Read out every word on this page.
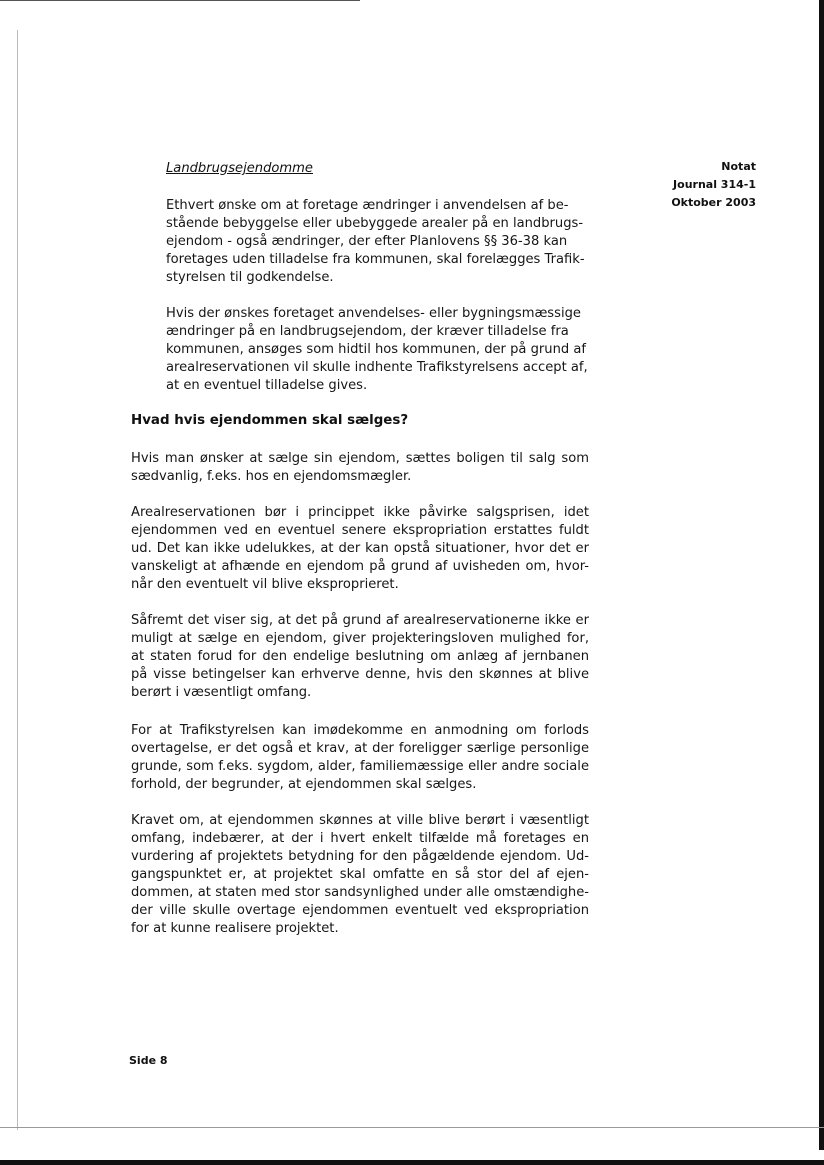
Notat
Journal 314-1
Oktober 2003

Landbrugsejendomme

Ethvert ønske om at foretage ændringer i anvendelsen af be-
stående bebyggelse eller ubebyggede arealer på en landbrugs-
ejendom - også ændringer, der efter Planlovens §§ 36-38 kan
foretages uden tilladelse fra kommunen, skal forelægges Trafik-
styrelsen til godkendelse.
Hvis der ønskes foretaget anvendelses- eller bygningsmæssige
ændringer på en landbrugsejendom, der kræver tilladelse fra
kommunen, ansøges som hidtil hos kommunen, der på grund af
arealreservationen vil skulle indhente Trafikstyrelsens accept af,
at en eventuel tilladelse gives.

Hvad hvis ejendommen skal sælges?

Hvis man ønsker at sælge sin ejendom, sættes boligen til salg som
sædvanlig, f.eks. hos en ejendomsmægler.
Arealreservationen bør i princippet ikke påvirke salgsprisen, idet
ejendommen ved en eventuel senere ekspropriation erstattes fuldt
ud. Det kan ikke udelukkes, at der kan opstå situationer, hvor det er
vanskeligt at afhænde en ejendom på grund af uvisheden om, hvor-
når den eventuelt vil blive eksproprieret.
Såfremt det viser sig, at det på grund af arealreservationerne ikke er
muligt at sælge en ejendom, giver projekteringsloven mulighed for,
at staten forud for den endelige beslutning om anlæg af jernbanen
på visse betingelser kan erhverve denne, hvis den skønnes at blive
berørt i væsentligt omfang.
For at Trafikstyrelsen kan imødekomme en anmodning om forlods
overtagelse, er det også et krav, at der foreligger særlige personlige
grunde, som f.eks. sygdom, alder, familiemæssige eller andre sociale
forhold, der begrunder, at ejendommen skal sælges.
Kravet om, at ejendommen skønnes at ville blive berørt i væsentligt
omfang, indebærer, at der i hvert enkelt tilfælde må foretages en
vurdering af projektets betydning for den pågældende ejendom. Ud-
gangspunktet er, at projektet skal omfatte en så stor del af ejen-
dommen, at staten med stor sandsynlighed under alle omstændighe-
der ville skulle overtage ejendommen eventuelt ved ekspropriation
for at kunne realisere projektet.
Side 8
